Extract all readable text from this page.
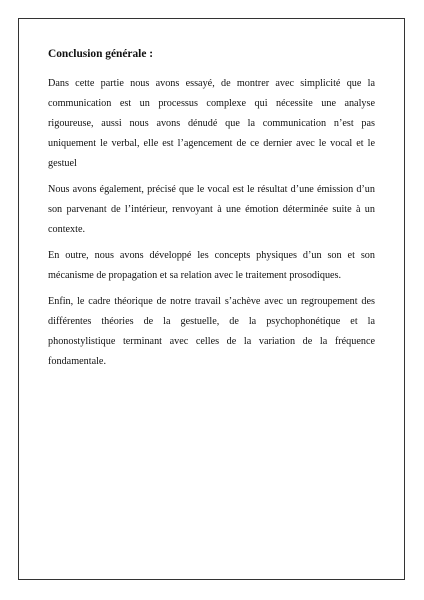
Conclusion générale :

Dans cette partie nous avons essayé, de montrer avec simplicité que la
communication est un processus complexe qui nécessite une analyse
rigoureuse, aussi nous avons dénudé que la communication n’est pas
uniquement le verbal, elle est l’agencement de ce dernier avec le vocal et le
gestuel

Nous avons également, précisé que le vocal est le résultat d’une émission d’un
son parvenant de l’intérieur, renvoyant à une émotion déterminée suite à un
contexte.

En outre, nous avons développé les concepts physiques d’un son et son
mécanisme de propagation et sa relation avec le traitement prosodiques.

Enfin, le cadre théorique de notre travail s’achève avec un regroupement des
différentes théories de la gestuelle, de la psychophonétique et la
phonostylistique terminant avec celles de la variation de la fréquence
fondamentale.
